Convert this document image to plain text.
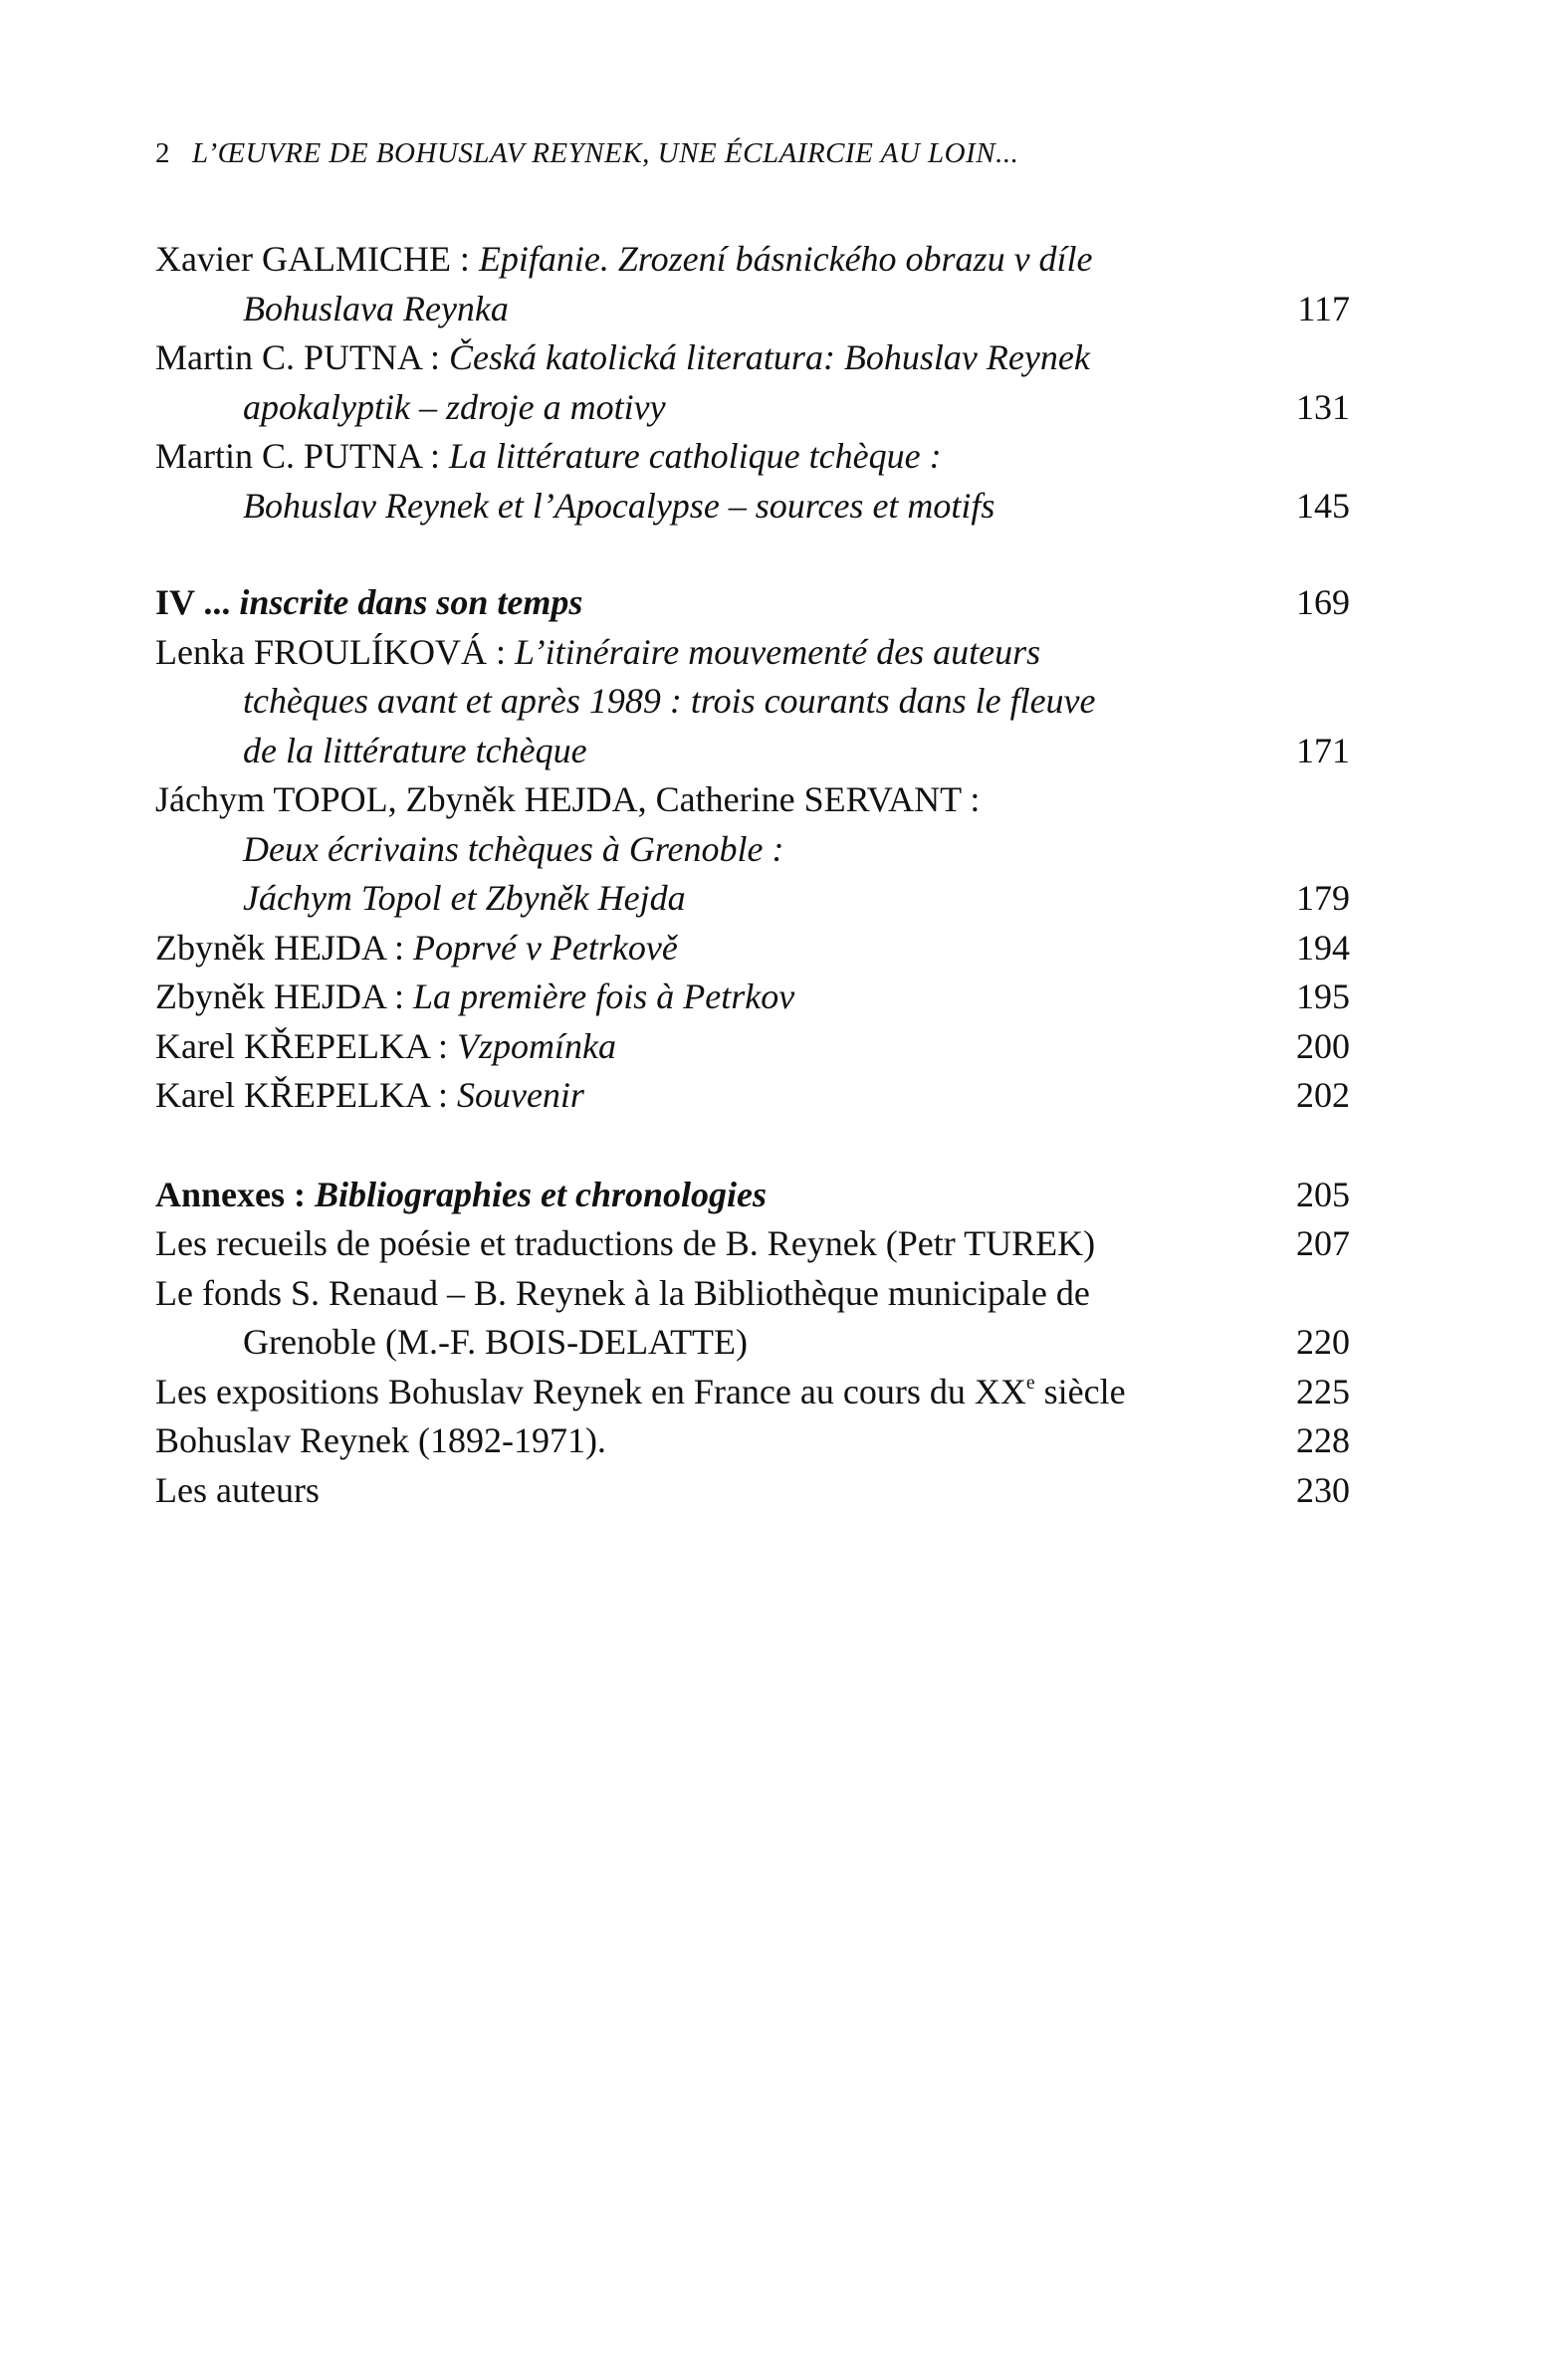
2 L’ŒUVRE DE BOHUSLAV REYNEK, UNE ÉCLAIRCIE AU LOIN...
Xavier GALMICHE : Epifanie. Zrození básnického obrazu v díle
Bohuslava Reynka	117
Martin C. PUTNA : Česká katolická literatura: Bohuslav Reynek
apokalyptik – zdroje a motivy	131
Martin C. PUTNA : La littérature catholique tchèque :
Bohuslav Reynek et l’Apocalypse – sources et motifs	145
IV ... inscrite dans son temps	169
Lenka FROULÍKOVÁ : L’itinéraire mouvementé des auteurs
tchèques avant et après 1989 : trois courants dans le fleuve
de la littérature tchèque	171
Jáchym TOPOL, Zbyněk HEJDA, Catherine SERVANT :
Deux écrivains tchèques à Grenoble :
Jáchym Topol et Zbyněk Hejda	179
Zbyněk HEJDA : Poprvé v Petrkově	194
Zbyněk HEJDA : La première fois à Petrkov	195
Karel KŘEPELKA : Vzpomínka	200
Karel KŘEPELKA : Souvenir	202
Annexes : Bibliographies et chronologies	205
Les recueils de poésie et traductions de B. Reynek (Petr TUREK)	207
Le fonds S. Renaud – B. Reynek à la Bibliothèque municipale de
Grenoble (M.-F. BOIS-DELATTE)	220
Les expositions Bohuslav Reynek en France au cours du XXe siècle	225
Bohuslav Reynek (1892-1971).	228
Les auteurs	230
